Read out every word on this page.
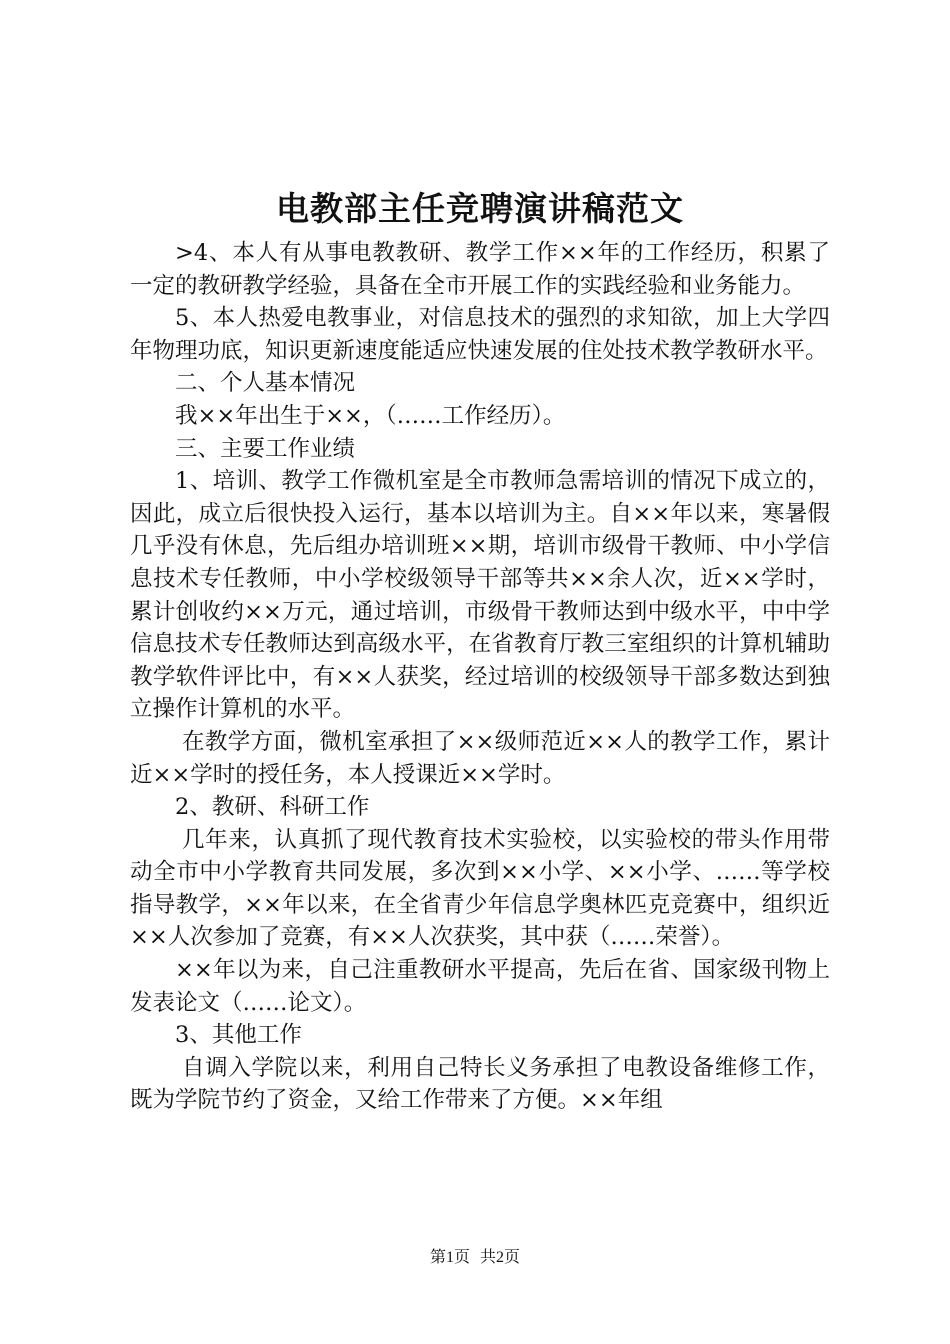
电教部主任竞聘演讲稿范文

>4、本人有从事电教教研、教学工作××年的工作经历，积累了一定的教研教学经验，具备在全市开展工作的实践经验和业务能力。

5、本人热爱电教事业，对信息技术的强烈的求知欲，加上大学四年物理功底，知识更新速度能适应快速发展的住处技术教学教研水平。

二、个人基本情况

我××年出生于××，（……工作经历）。

三、主要工作业绩

1、培训、教学工作微机室是全市教师急需培训的情况下成立的，因此，成立后很快投入运行，基本以培训为主。自××年以来，寒暑假几乎没有休息，先后组办培训班××期，培训市级骨干教师、中小学信息技术专任教师，中小学校级领导干部等共××余人次，近××学时，累计创收约××万元，通过培训，市级骨干教师达到中级水平，中中学信息技术专任教师达到高级水平，在省教育厅教三室组织的计算机辅助教学软件评比中，有××人获奖，经过培训的校级领导干部多数达到独立操作计算机的水平。

在教学方面，微机室承担了××级师范近××人的教学工作，累计近××学时的授任务，本人授课近××学时。

2、教研、科研工作

几年来，认真抓了现代教育技术实验校，以实验校的带头作用带动全市中小学教育共同发展，多次到××小学、××小学、……等学校指导教学，××年以来，在全省青少年信息学奥林匹克竞赛中，组织近××人次参加了竞赛，有××人次获奖，其中获（……荣誉）。

××年以为来，自己注重教研水平提高，先后在省、国家级刊物上发表论文（……论文）。

3、其他工作

自调入学院以来，利用自己特长义务承担了电教设备维修工作，既为学院节约了资金，又给工作带来了方便。××年组

第1页 共2页
